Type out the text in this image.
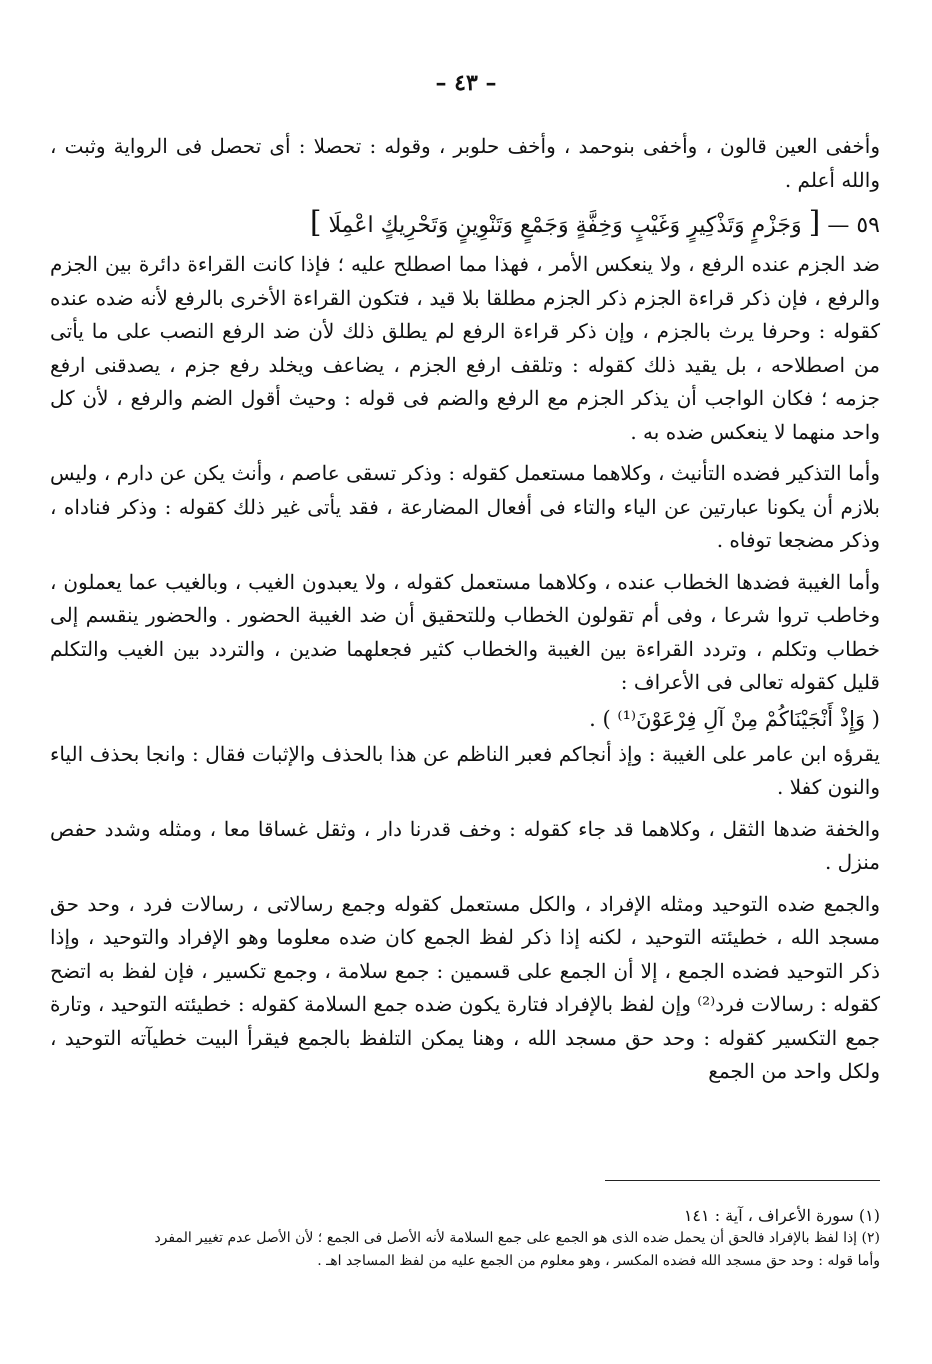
– ٤٣ –

وأخفى العين قالون ، وأخفى بنوحمد ، وأخف حلوبر ، وقوله : تحصلا : أى تحصل فى الرواية وثبت ، والله أعلم .

٥٩ — [ وَجَزْمٍ وَتَذْكِيرٍ وَغَيْبٍ وَخِفَّةٍ وَجَمْعٍ وَتَنْوِينٍ وَتَحْرِيكٍ اعْمِلَا ]

ضد الجزم عنده الرفع ، ولا ينعكس الأمر ، فهذا مما اصطلح عليه ؛ فإذا كانت القراءة دائرة بين الجزم والرفع ، فإن ذكر قراءة الجزم ذكر الجزم مطلقا بلا قيد ، فتكون القراءة الأخرى بالرفع لأنه ضده عنده كقوله : وحرفا يرث بالجزم ، وإن ذكر قراءة الرفع لم يطلق ذلك لأن ضد الرفع النصب على ما يأتى من اصطلاحه ، بل يقيد ذلك كقوله : وتلقف ارفع الجزم ، يضاعف ويخلد رفع جزم ، يصدقنى ارفع جزمه ؛ فكان الواجب أن يذكر الجزم مع الرفع والضم فى قوله : وحيث أقول الضم والرفع ، لأن كل واحد منهما لا ينعكس ضده به .

وأما التذكير فضده التأنيث ، وكلاهما مستعمل كقوله : وذكر تسقى عاصم ، وأنث يكن عن دارم ، وليس بلازم أن يكونا عبارتين عن الياء والتاء فى أفعال المضارعة ، فقد يأتى غير ذلك كقوله : وذكر فناداه ، وذكر مضجعا توفاه .

وأما الغيبة فضدها الخطاب عنده ، وكلاهما مستعمل كقوله ، ولا يعبدون الغيب ، وبالغيب عما يعملون ، وخاطب تروا شرعا ، وفى أم تقولون الخطاب وللتحقيق أن ضد الغيبة الحضور . والحضور ينقسم إلى خطاب وتكلم ، وتردد القراءة بين الغيبة والخطاب كثير فجعلهما ضدين ، والتردد بين الغيب والتكلم قليل كقوله تعالى فى الأعراف :

( وَإِذْ أَنْجَيْنَاكُمْ مِنْ آلِ فِرْعَوْنَ⁽¹⁾ ) .

يقرؤه ابن عامر على الغيبة : وإذ أنجاكم فعبر الناظم عن هذا بالحذف والإثبات فقال : وانجا بحذف الياء والنون كفلا .

والخفة ضدها الثقل ، وكلاهما قد جاء كقوله : وخف قدرنا دار ، وثقل غساقا معا ، ومثله وشدد حفص منزل .

والجمع ضده التوحيد ومثله الإفراد ، والكل مستعمل كقوله وجمع رسالاتى ، رسالات فرد ، وحد حق مسجد الله ، خطيئته التوحيد ، لكنه إذا ذكر لفظ الجمع كان ضده معلوما وهو الإفراد والتوحيد ، وإذا ذكر التوحيد فضده الجمع ، إلا أن الجمع على قسمين : جمع سلامة ، وجمع تكسير ، فإن لفظ به اتضح كقوله : رسالات فرد⁽²⁾ وإن لفظ بالإفراد فتارة يكون ضده جمع السلامة كقوله : خطيئته التوحيد ، وتارة جمع التكسير كقوله : وحد حق مسجد الله ، وهنا يمكن التلفظ بالجمع فيقرأ البيت خطيآته التوحيد ، ولكل واحد من الجمع

(١) سورة الأعراف ، آية : ١٤١

(٢) إذا لفظ بالإفراد فالحق أن يحمل ضده الذى هو الجمع على جمع السلامة لأنه الأصل فى الجمع ؛ لأن الأصل عدم تغيير المفرد

وأما قوله : وحد حق مسجد الله فضده المكسر ، وهو معلوم من الجمع عليه من لفظ المساجد اهـ .
